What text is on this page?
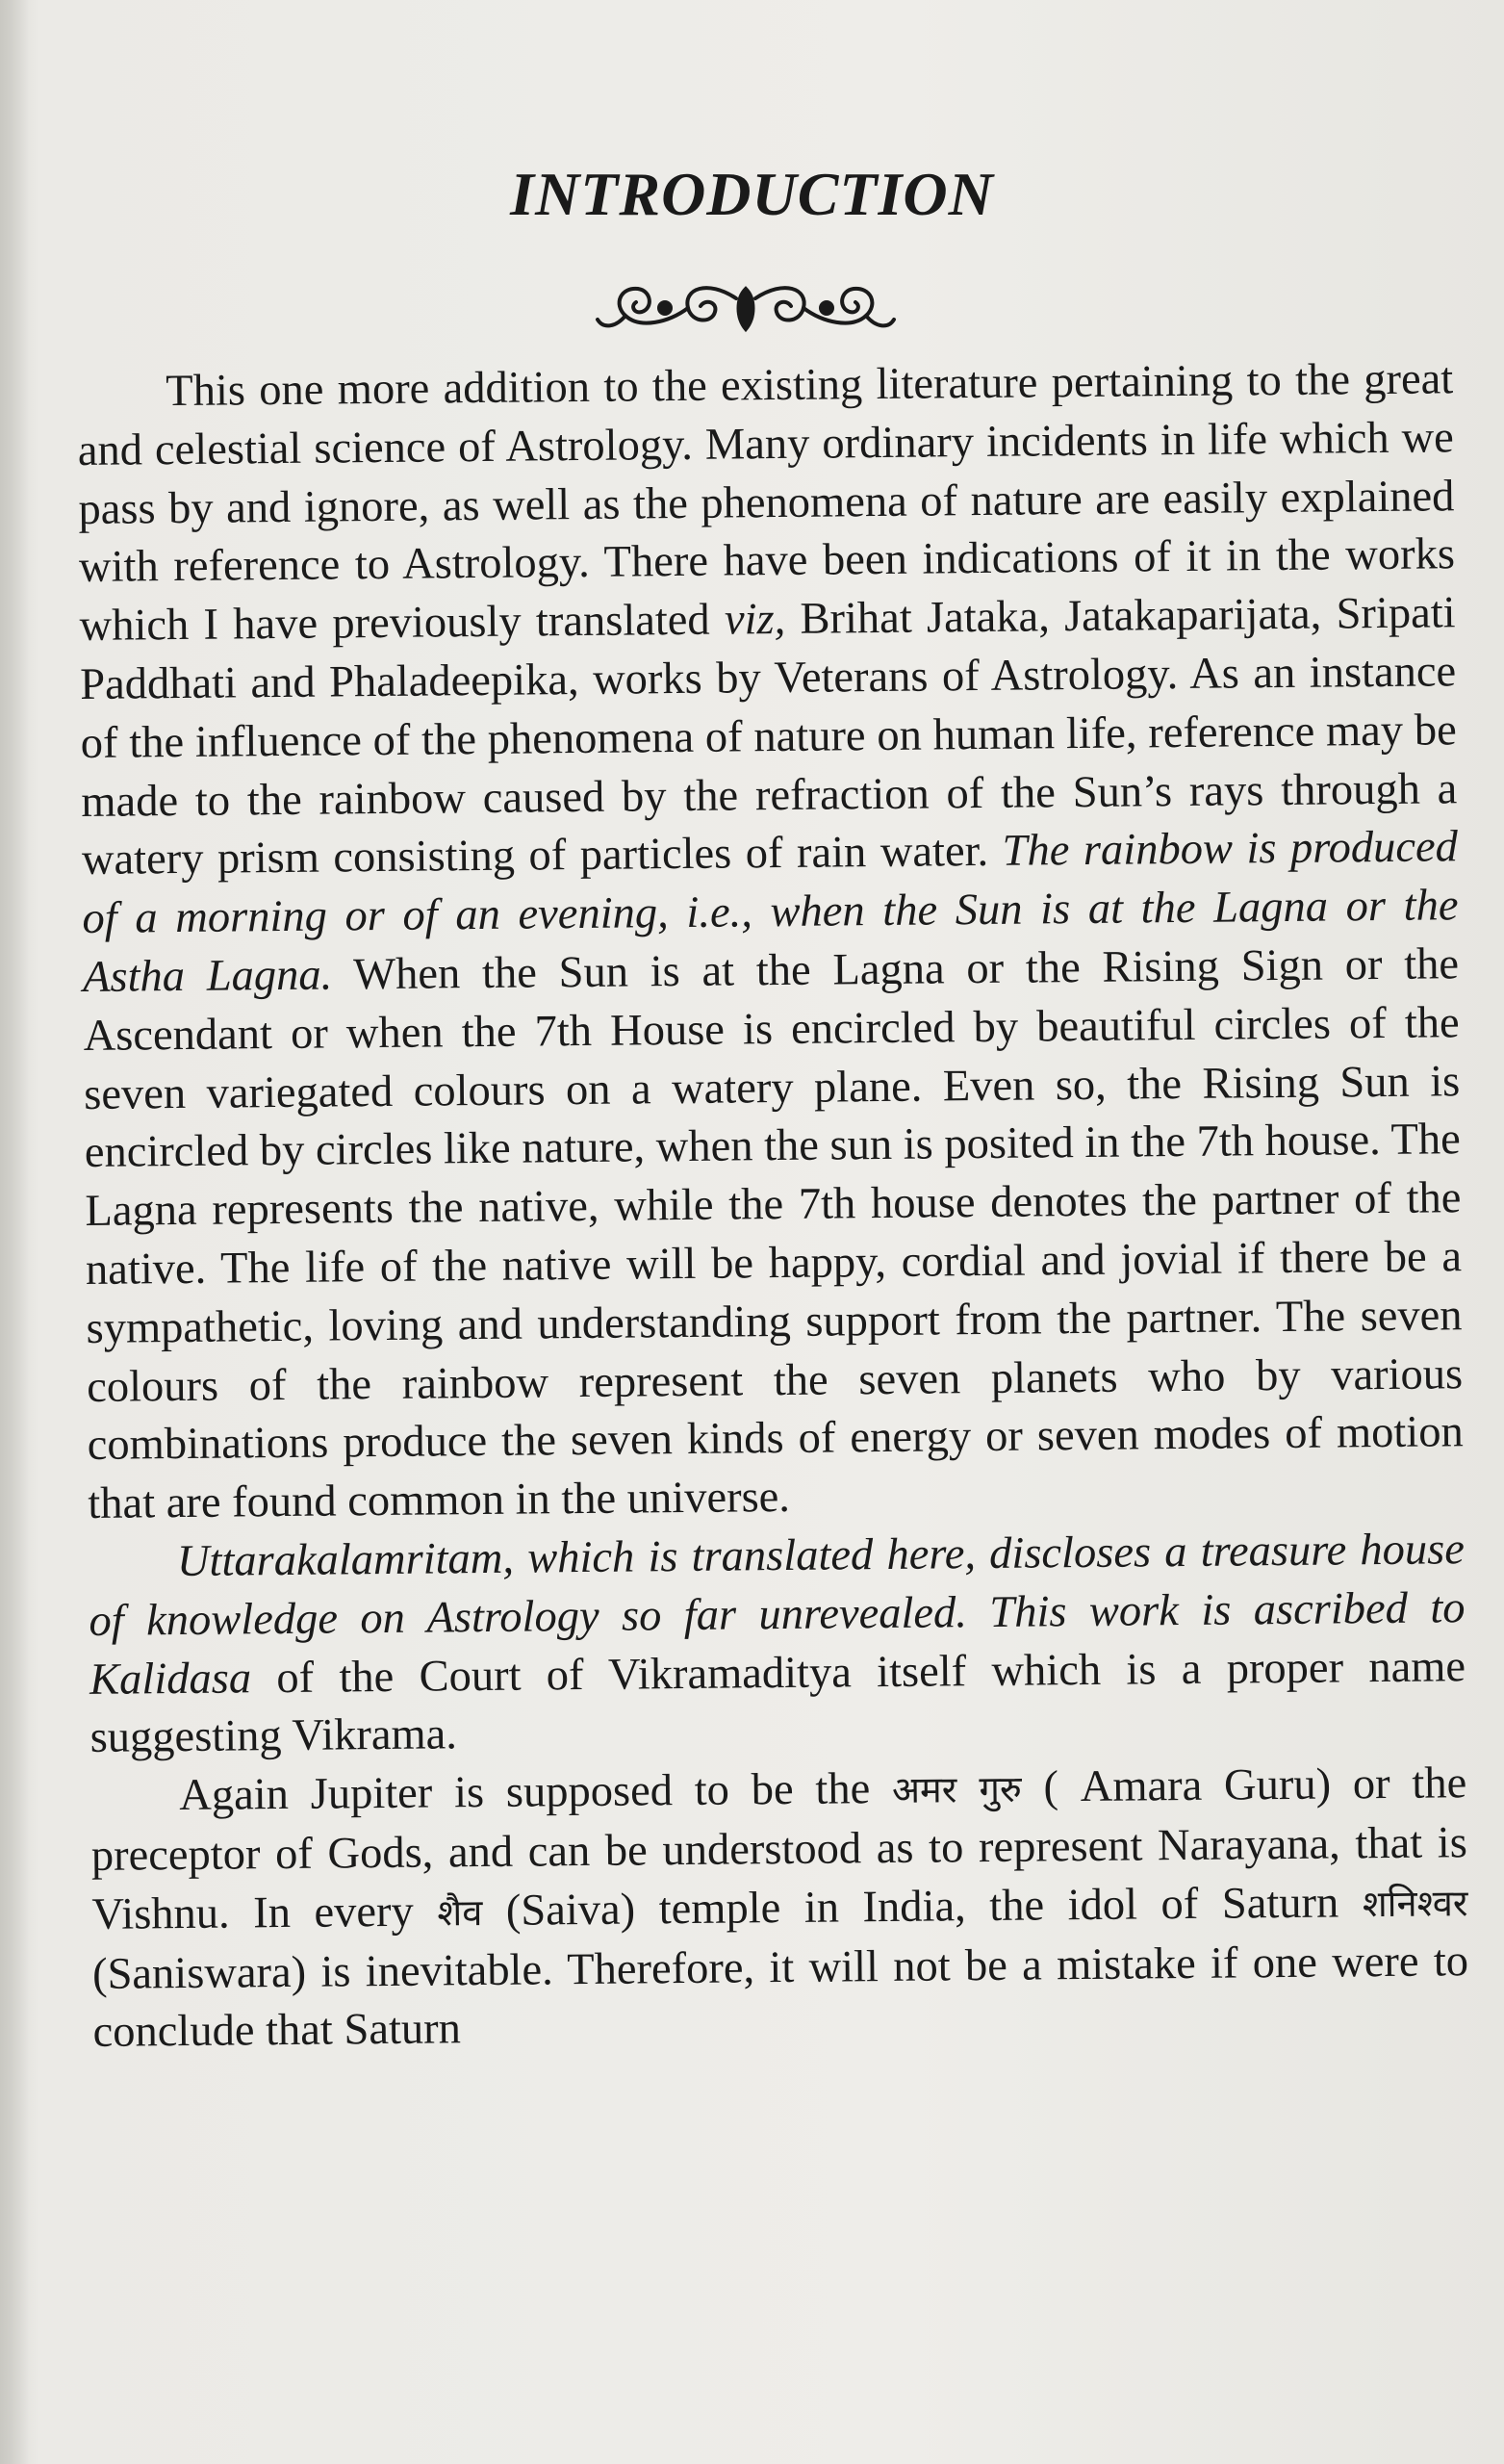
INTRODUCTION

This one more addition to the existing literature pertaining to the great and celestial science of Astrology. Many ordinary incidents in life which we pass by and ignore, as well as the phenomena of nature are easily explained with reference to Astrology. There have been indications of it in the works which I have previously translated viz, Brihat Jataka, Jatakaparijata, Sripati Paddhati and Phaladeepika, works by Veterans of Astrology. As an instance of the influence of the phenomena of nature on human life, reference may be made to the rainbow caused by the refraction of the Sun’s rays through a watery prism consisting of particles of rain water. The rainbow is produced of a morning or of an evening, i.e., when the Sun is at the Lagna or the Astha Lagna. When the Sun is at the Lagna or the Rising Sign or the Ascendant or when the 7th House is encircled by beautiful circles of the seven variegated colours on a watery plane. Even so, the Rising Sun is encircled by circles like nature, when the sun is posited in the 7th house. The Lagna represents the native, while the 7th house denotes the partner of the native. The life of the native will be happy, cordial and jovial if there be a sympathetic, loving and understanding support from the partner. The seven colours of the rainbow represent the seven planets who by various combinations produce the seven kinds of energy or seven modes of motion that are found common in the universe.

Uttarakalamritam, which is translated here, discloses a treasure house of knowledge on Astrology so far unrevealed. This work is ascribed to Kalidasa of the Court of Vikramaditya itself which is a proper name suggesting Vikrama.

Again Jupiter is supposed to be the अमर गुरु ( Amara Guru) or the preceptor of Gods, and can be understood as to represent Narayana, that is Vishnu. In every शैव (Saiva) temple in India, the idol of Saturn शनिश्वर (Saniswara) is inevitable. Therefore, it will not be a mistake if one were to conclude that Saturn
